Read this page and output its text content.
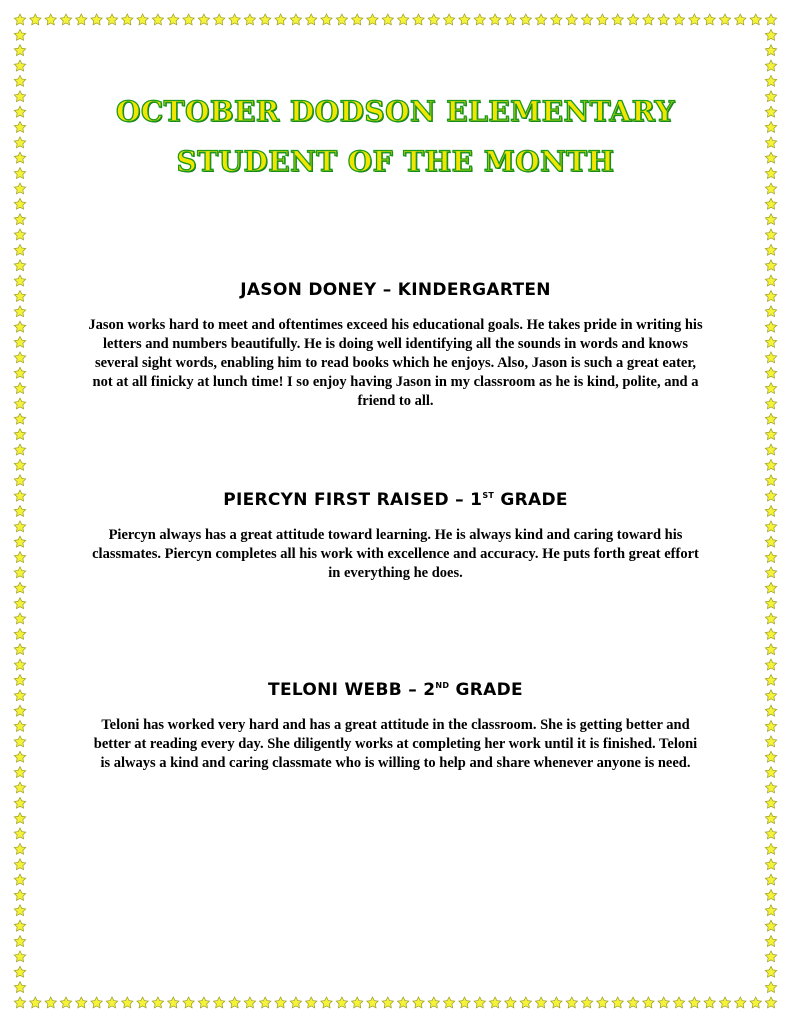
OCTOBER DODSON ELEMENTARY
STUDENT OF THE MONTH
JASON DONEY – KINDERGARTEN
Jason works hard to meet and oftentimes exceed his educational goals. He takes pride in writing his letters and numbers beautifully. He is doing well identifying all the sounds in words and knows several sight words, enabling him to read books which he enjoys. Also, Jason is such a great eater, not at all finicky at lunch time! I so enjoy having Jason in my classroom as he is kind, polite, and a friend to all.
PIERCYN FIRST RAISED – 1ST GRADE
Piercyn always has a great attitude toward learning. He is always kind and caring toward his classmates. Piercyn completes all his work with excellence and accuracy. He puts forth great effort in everything he does.
TELONI WEBB – 2ND GRADE
Teloni has worked very hard and has a great attitude in the classroom. She is getting better and better at reading every day. She diligently works at completing her work until it is finished. Teloni is always a kind and caring classmate who is willing to help and share whenever anyone is need.
